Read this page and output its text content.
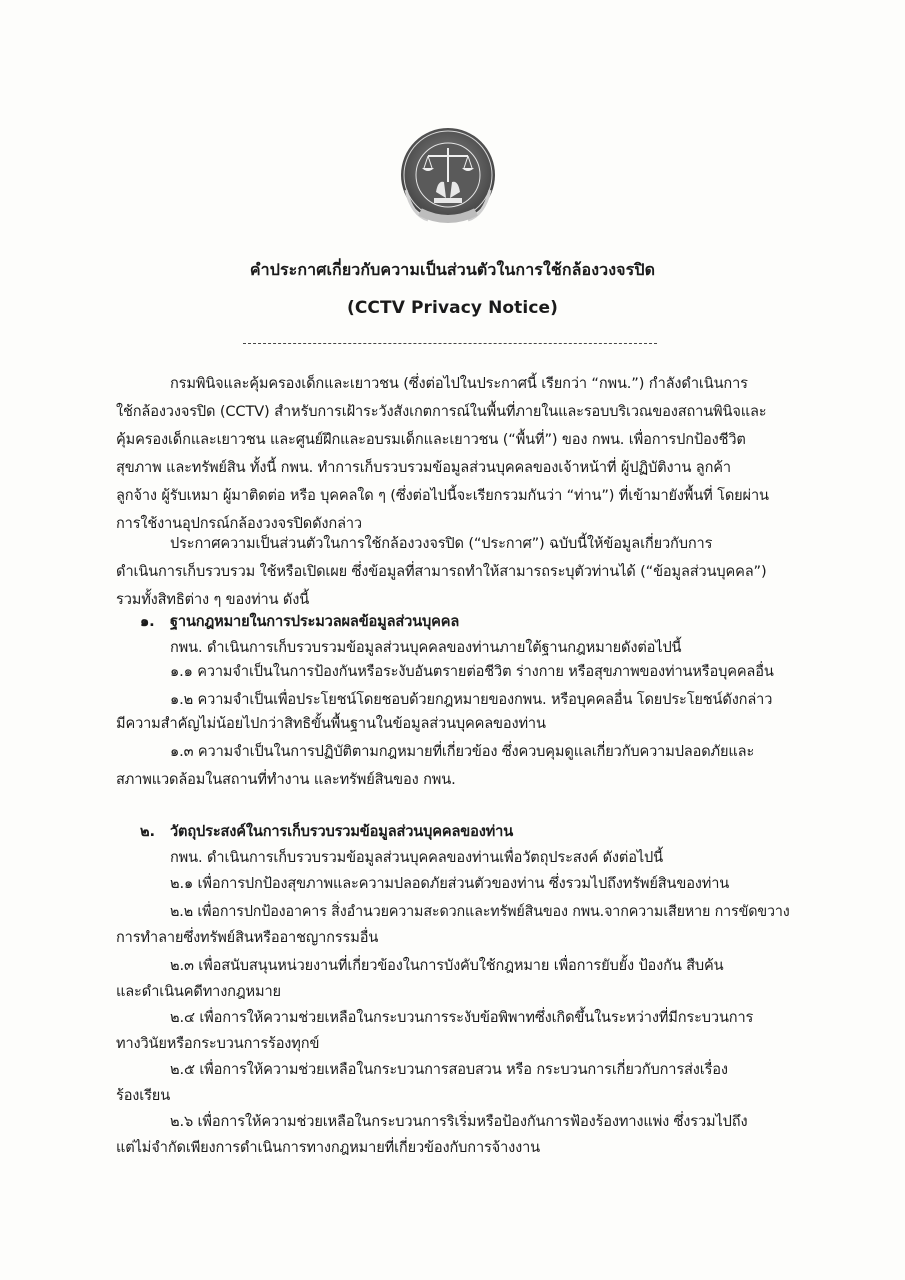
คำประกาศเกี่ยวกับความเป็นส่วนตัวในการใช้กล้องวงจรปิด
(CCTV Privacy Notice)
กรมพินิจและคุ้มครองเด็กและเยาวชน (ซึ่งต่อไปในประกาศนี้ เรียกว่า “กพน.”) กำลังดำเนินการ
ใช้กล้องวงจรปิด (CCTV) สำหรับการเฝ้าระวังสังเกตการณ์ในพื้นที่ภายในและรอบบริเวณของสถานพินิจและ
คุ้มครองเด็กและเยาวชน และศูนย์ฝึกและอบรมเด็กและเยาวชน (“พื้นที่”) ของ กพน. เพื่อการปกป้องชีวิต
สุขภาพ และทรัพย์สิน ทั้งนี้ กพน. ทำการเก็บรวบรวมข้อมูลส่วนบุคคลของเจ้าหน้าที่ ผู้ปฏิบัติงาน ลูกค้า
ลูกจ้าง ผู้รับเหมา ผู้มาติดต่อ หรือ บุคคลใด ๆ (ซึ่งต่อไปนี้จะเรียกรวมกันว่า “ท่าน”) ที่เข้ามายังพื้นที่ โดยผ่าน
การใช้งานอุปกรณ์กล้องวงจรปิดดังกล่าว
ประกาศความเป็นส่วนตัวในการใช้กล้องวงจรปิด (“ประกาศ”) ฉบับนี้ให้ข้อมูลเกี่ยวกับการ
ดำเนินการเก็บรวบรวม ใช้หรือเปิดเผย ซึ่งข้อมูลที่สามารถทำให้สามารถระบุตัวท่านได้ (“ข้อมูลส่วนบุคคล”)
รวมทั้งสิทธิต่าง ๆ ของท่าน ดังนี้
๑. ฐานกฎหมายในการประมวลผลข้อมูลส่วนบุคคล
กพน. ดำเนินการเก็บรวบรวมข้อมูลส่วนบุคคลของท่านภายใต้ฐานกฎหมายดังต่อไปนี้
๑.๑ ความจำเป็นในการป้องกันหรือระงับอันตรายต่อชีวิต ร่างกาย หรือสุขภาพของท่านหรือบุคคลอื่น
๑.๒ ความจำเป็นเพื่อประโยชน์โดยชอบด้วยกฎหมายของกพน. หรือบุคคลอื่น โดยประโยชน์ดังกล่าว
มีความสำคัญไม่น้อยไปกว่าสิทธิขั้นพื้นฐานในข้อมูลส่วนบุคคลของท่าน
๑.๓ ความจำเป็นในการปฏิบัติตามกฎหมายที่เกี่ยวข้อง ซึ่งควบคุมดูแลเกี่ยวกับความปลอดภัยและ
สภาพแวดล้อมในสถานที่ทำงาน และทรัพย์สินของ กพน.
๒. วัตถุประสงค์ในการเก็บรวบรวมข้อมูลส่วนบุคคลของท่าน
กพน. ดำเนินการเก็บรวบรวมข้อมูลส่วนบุคคลของท่านเพื่อวัตถุประสงค์ ดังต่อไปนี้
๒.๑ เพื่อการปกป้องสุขภาพและความปลอดภัยส่วนตัวของท่าน ซึ่งรวมไปถึงทรัพย์สินของท่าน
๒.๒ เพื่อการปกป้องอาคาร สิ่งอำนวยความสะดวกและทรัพย์สินของ กพน.จากความเสียหาย การขัดขวาง
การทำลายซึ่งทรัพย์สินหรืออาชญากรรมอื่น
๒.๓ เพื่อสนับสนุนหน่วยงานที่เกี่ยวข้องในการบังคับใช้กฎหมาย เพื่อการยับยั้ง ป้องกัน สืบค้น
และดำเนินคดีทางกฎหมาย
๒.๔ เพื่อการให้ความช่วยเหลือในกระบวนการระงับข้อพิพาทซึ่งเกิดขึ้นในระหว่างที่มีกระบวนการ
ทางวินัยหรือกระบวนการร้องทุกข์
๒.๕ เพื่อการให้ความช่วยเหลือในกระบวนการสอบสวน หรือ กระบวนการเกี่ยวกับการส่งเรื่อง
ร้องเรียน
๒.๖ เพื่อการให้ความช่วยเหลือในกระบวนการริเริ่มหรือป้องกันการฟ้องร้องทางแพ่ง ซึ่งรวมไปถึง
แต่ไม่จำกัดเพียงการดำเนินการทางกฎหมายที่เกี่ยวข้องกับการจ้างงาน
